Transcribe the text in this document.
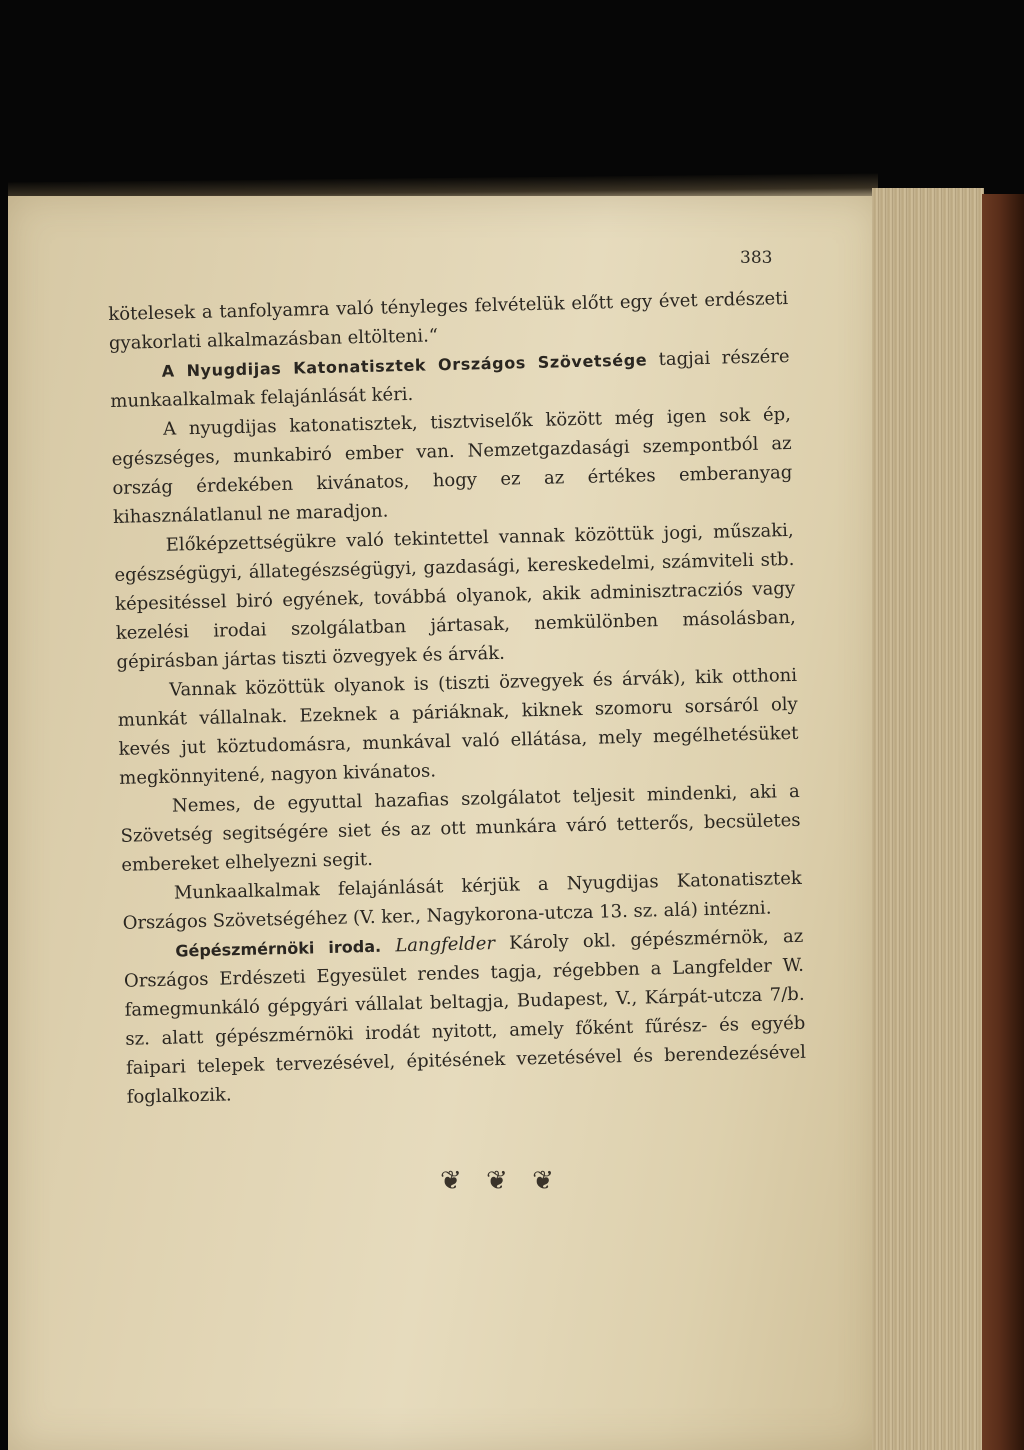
383

kötelesek a tanfolyamra való tényleges felvételük előtt egy évet erdészeti gyakorlati alkalmazásban eltölteni.“

A Nyugdijas Katonatisztek Országos Szövetsége tagjai részére munkaalkalmak felajánlását kéri.

A nyugdijas katonatisztek, tisztviselők között még igen sok ép, egészséges, munkabiró ember van. Nemzetgazdasági szempontból az ország érdekében kivánatos, hogy ez az értékes emberanyag kihasználatlanul ne maradjon.

Előképzettségükre való tekintettel vannak közöttük jogi, műszaki, egészségügyi, állategészségügyi, gazdasági, kereskedelmi, számviteli stb. képesitéssel biró egyének, továbbá olyanok, akik adminisztracziós vagy kezelési irodai szolgálatban jártasak, nemkülönben másolásban, gépirásban jártas tiszti özvegyek és árvák.

Vannak közöttük olyanok is (tiszti özvegyek és árvák), kik otthoni munkát vállalnak. Ezeknek a páriáknak, kiknek szomoru sorsáról oly kevés jut köztudomásra, munkával való ellátása, mely megélhetésüket megkönnyitené, nagyon kivánatos.

Nemes, de egyuttal hazafias szolgálatot teljesit mindenki, aki a Szövetség segitségére siet és az ott munkára váró tetterős, becsületes embereket elhelyezni segit.

Munkaalkalmak felajánlását kérjük a Nyugdijas Katonatisztek Országos Szövetségéhez (V. ker., Nagykorona-utcza 13. sz. alá) intézni.

Gépészmérnöki iroda. Langfelder Károly okl. gépészmérnök, az Országos Erdészeti Egyesület rendes tagja, régebben a Langfelder W. famegmunkáló gépgyári vállalat beltagja, Budapest, V., Kárpát-utcza 7/b. sz. alatt gépészmérnöki irodát nyitott, amely főként fűrész- és egyéb faipari telepek tervezésével, épitésének vezetésével és berendezésével foglalkozik.

❦ ❦ ❦
